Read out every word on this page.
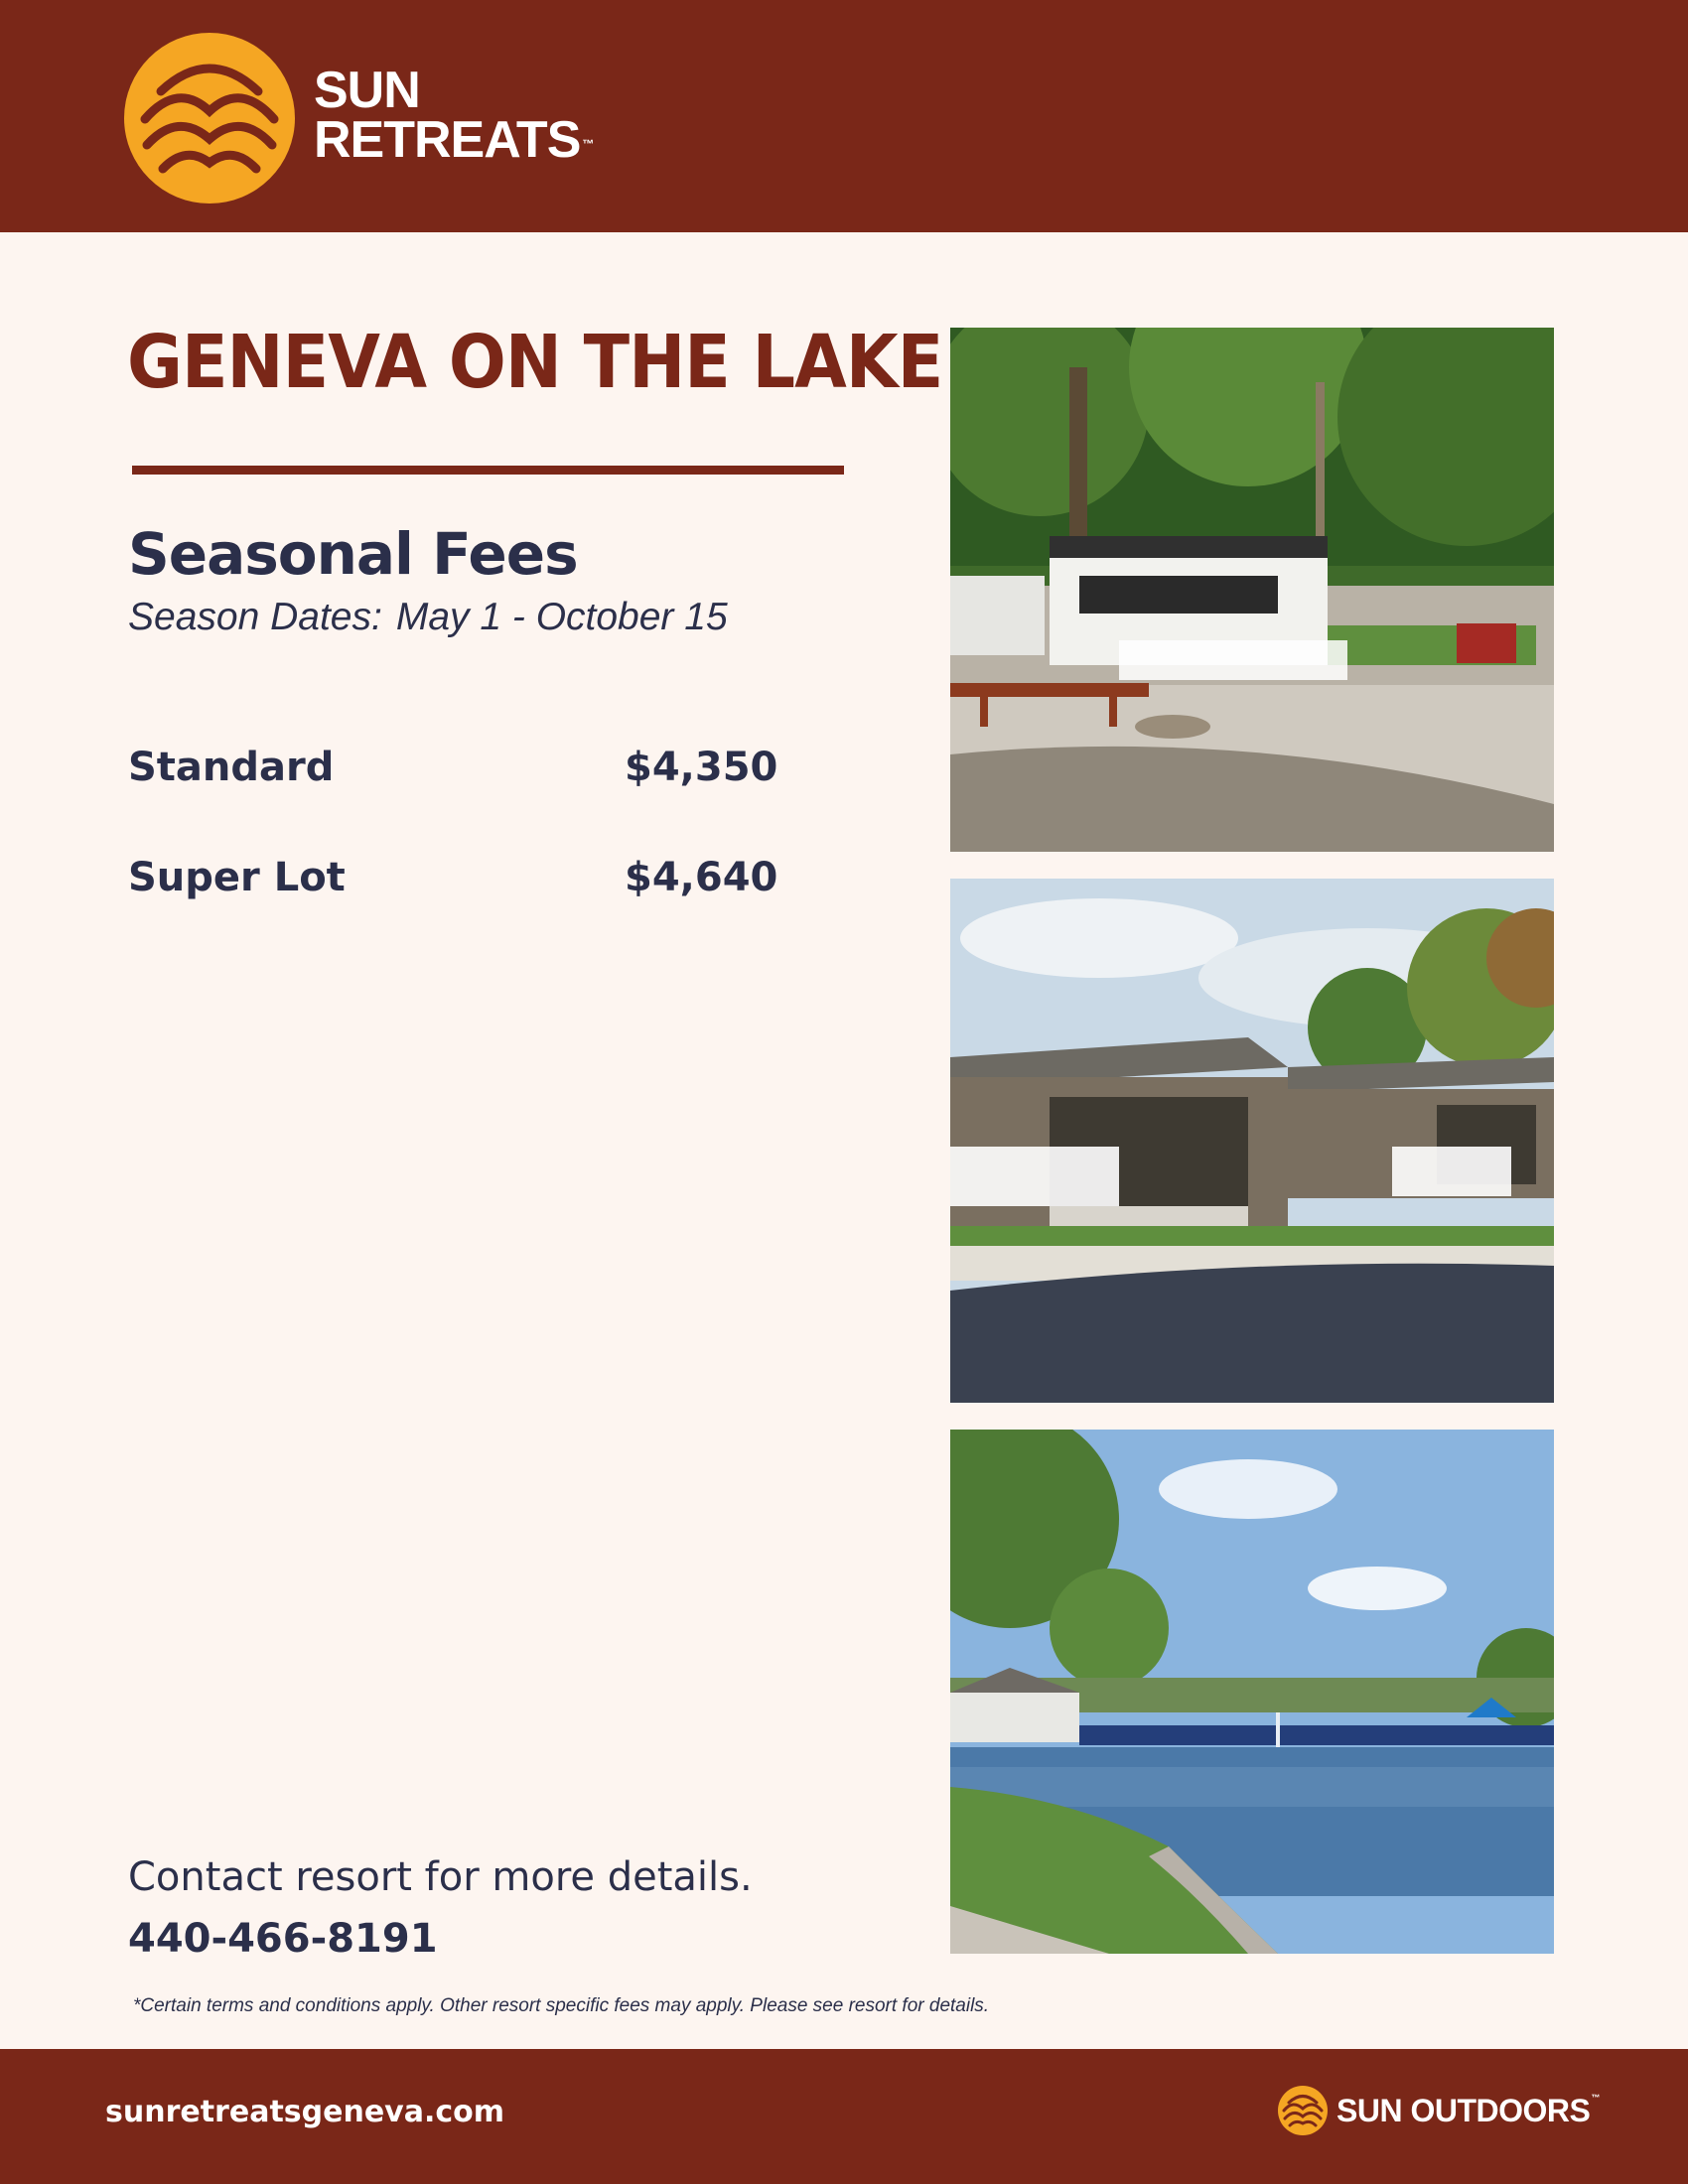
SUN
RETREATS ™
GENEVA ON THE LAKE
Seasonal Fees
Season Dates: May 1 - October 15
Standard	$4,350
Super Lot	$4,640
Contact resort for more details.
440-466-8191
*Certain terms and conditions apply. Other resort specific fees may apply. Please see resort for details.
sunretreatsgeneva.com	SUN OUTDOORS™
